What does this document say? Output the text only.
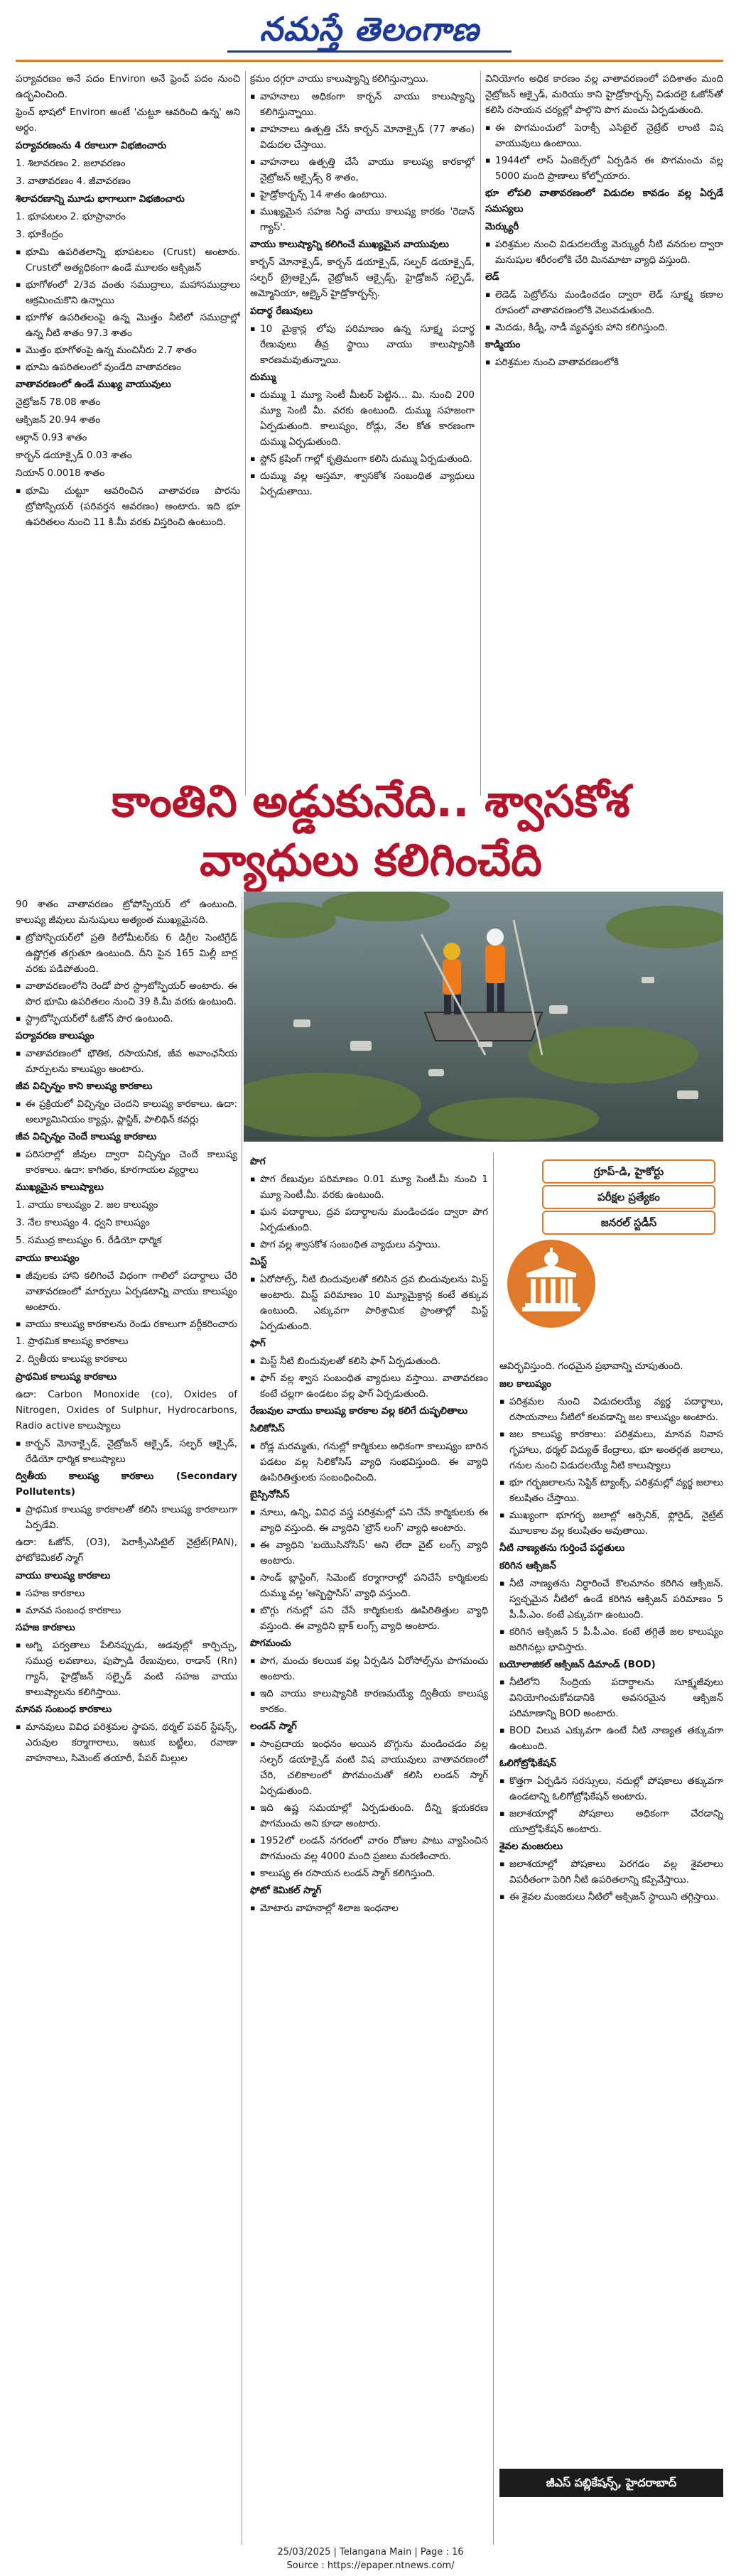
నమస్తే తెలంగాణ

పర్యావరణం అనే పదం Environ అనే ఫ్రెంచ్ పదం నుంచి ఉద్భవించింది.

ఫ్రెంచ్ భాషలో Environ అంటే 'చుట్టూ ఆవరించి ఉన్న' అని అర్థం.

పర్యావరణంను 4 రకాలుగా విభజించారు

1. శిలావరణం 2. జలావరణం

3. వాతావరణం 4. జీవావరణం

శిలావరణాన్ని మూడు భాగాలుగా విభజించారు

1. భూపటలం 2. భూప్రావారం

3. భూకేంద్రం

▪ భూమి ఉపరితలాన్ని భూపటలం (Crust) అంటారు. Crustలో అత్యధికంగా ఉండే మూలకం ఆక్సిజన్

▪ భూగోళంలో 2/3వ వంతు సముద్రాలు, మహాసముద్రాలు ఆక్రమించుకొని ఉన్నాయి

▪ భూగోళ ఉపరితలంపై ఉన్న మొత్తం నీటిలో సముద్రాల్లో ఉన్న నీటి శాతం 97.3 శాతం

▪ మొత్తం భూగోళంపై ఉన్న మంచినీరు 2.7 శాతం

▪ భూమి ఉపరితలంలో వుండేది వాతావరణం

వాతావరణంలో ఉండే ముఖ్య వాయువులు

నైట్రోజన్ 78.08 శాతం

ఆక్సిజన్ 20.94 శాతం

ఆర్గాన్ 0.93 శాతం

కార్బన్ డయాక్సైడ్ 0.03 శాతం

నియాన్ 0.0018 శాతం

▪ భూమి చుట్టూ ఆవరించిన వాతావరణ పొరను ట్రోపోస్ఫియర్ (పరివర్తన ఆవరణం) అంటారు. ఇది భూ ఉపరితలం నుంచి 11 కి.మీ వరకు విస్తరించి ఉంటుంది.

క్రమం దగ్గరా వాయు కాలుష్యాన్ని కలిగిస్తున్నాయి.

▪ వాహనాలు అధికంగా కార్బన్ వాయు కాలుష్యాన్ని కలిగిస్తున్నాయి.

▪ వాహనాలు ఉత్పత్తి చేసే కార్బన్ మోనాక్సైడ్ (77 శాతం) విడుదల చేస్తాయి.

▪ వాహనాలు ఉత్పత్తి చేసే వాయు కాలుష్య కారకాల్లో నైట్రోజన్ ఆక్సైడ్స్ 8 శాతం,

▪ హైడ్రోకార్బన్స్ 14 శాతం ఉంటాయి.

▪ ముఖ్యమైన సహజ సిద్ధ వాయు కాలుష్య కారకం 'రెడాన్ గ్యాస్'.

వాయు కాలుష్యాన్ని కలిగించే ముఖ్యమైన వాయువులు

కార్బన్ మోనాక్సైడ్, కార్బన్ డయాక్సైడ్, సల్ఫర్ డయాక్సైడ్, సల్ఫర్ ట్రైఆక్సైడ్, నైట్రోజన్ ఆక్సైడ్స్, హైడ్రోజన్ సల్ఫైడ్, అమ్మోనియా, ఆల్కైన్ హైడ్రోకార్బన్స్.

పదార్థ రేణువులు

▪ 10 మైక్రాన్ల లోపు పరిమాణం ఉన్న సూక్ష్మ పదార్థ రేణువులు తీవ్ర స్థాయి వాయు కాలుష్యానికి కారణమవుతున్నాయి.

దుమ్ము

▪ దుమ్ము 1 మ్యూ సెంటీ మీటర్ పెట్టిన... మి. నుంచి 200 మ్యూ సెంటీ మీ. వరకు ఉంటుంది. దుమ్ము సహజంగా ఏర్పడుతుంది. కాలుష్యం, రోడ్లు, నేల కోత కారణంగా దుమ్ము ఏర్పడుతుంది.

▪ స్టోన్ క్రషింగ్ గాల్లో కృత్రిమంగా కలిసి దుమ్ము ఏర్పడుతుంది.

▪ దుమ్ము వల్ల ఆస్తమా, శ్వాసకోశ సంబంధిత వ్యాధులు ఏర్పడుతాయి.

వినియోగం అధిక కారణం వల్ల వాతావరణంలో పదిశాతం మంది నైట్రోజన్ ఆక్సైడ్, మరియు కాని హైడ్రోకార్బన్స్ విడుదలై ఓజోన్‌తో కలిసి రసాయన చర్యల్లో పాల్గొని పొగ మంచు ఏర్పడుతుంది.

▪ ఈ పొగమంచులో పెరాక్సీ ఎసిటైల్ నైట్రేట్ లాంటి విష వాయువులు ఉంటాయి.

▪ 1944లో లాస్ ఏంజెల్స్‌లో ఏర్పడిన ఈ పొగమంచు వల్ల 5000 మంది ప్రాణాలు కోల్పోయారు.

భూ లోపలి వాతావరణంలో విడుదల కావడం వల్ల ఏర్పడే సమస్యలు

మెర్క్యురీ

▪ పరిశ్రమల నుంచి విడుదలయ్యే మెర్క్యురీ నీటి వనరుల ద్వారా మనుషుల శరీరంలోకి చేరి మినమాటా వ్యాధి వస్తుంది.

లెడ్

▪ లెడెడ్ పెట్రోల్‌ను మండించడం ద్వారా లెడ్ సూక్ష్మ కణాల రూపంలో వాతావరణంలోకి వెలువడుతుంది.

▪ మెదడు, కిడ్నీ, నాడీ వ్యవస్థకు హాని కలిగిస్తుంది.

కాడ్మియం

▪ పరిశ్రమల నుంచి వాతావరణంలోకి

కాంతిని అడ్డుకునేది.. శ్వాసకోశ
వ్యాధులు కలిగించేది

90 శాతం వాతావరణం ట్రోపోస్ఫియర్ లో ఉంటుంది. కాలుష్య జీవులు మనుషులు అత్యంత ముఖ్యమైనది.

▪ ట్రోపోస్ఫియర్‌లో ప్రతి కిలోమీటర్‌కు 6 డిగ్రీల సెంటిగ్రేడ్ ఉష్ణోగ్రత తగ్గుతూ ఉంటుంది. దీని పైన 165 మిల్లీ బార్ల వరకు పడిపోతుంది.

▪ వాతావరణంలోని రెండో పొర స్ట్రాటోస్ఫియర్ అంటారు. ఈ పొర భూమి ఉపరితలం నుంచి 39 కి.మీ వరకు ఉంటుంది.

▪ స్ట్రాటోస్ఫియర్‌లో ఓజోన్ పొర ఉంటుంది.

పర్యావరణ కాలుష్యం

▪ వాతావరణంలో భౌతిక, రసాయనిక, జీవ అవాంఛనీయ మార్పులను కాలుష్యం అంటారు.

జీవ విచ్ఛిన్నం కాని కాలుష్య కారకాలు

▪ ఈ ప్రక్రియలో విచ్ఛిన్నం చెందని కాలుష్య కారకాలు. ఉదా: అల్యూమినియం క్యాన్లు, ప్లాస్టిక్, పాలిథిన్ కవర్లు

జీవ విచ్ఛిన్నం చెందే కాలుష్య కారకాలు

▪ పరిసరాల్లో జీవుల ద్వారా విచ్ఛిన్నం చెందే కాలుష్య కారకాలు. ఉదా: కాగితం, కూరగాయల వ్యర్థాలు

ముఖ్యమైన కాలుష్యాలు

1. వాయు కాలుష్యం 2. జల కాలుష్యం

3. నేల కాలుష్యం 4. ధ్వని కాలుష్యం

5. సముద్ర కాలుష్యం 6. రేడియో ధార్మిక

వాయు కాలుష్యం

▪ జీవులకు హాని కలిగించే విధంగా గాలిలో పదార్థాలు చేరి వాతావరణంలో మార్పులు ఏర్పడటాన్ని వాయు కాలుష్యం అంటారు.

▪ వాయు కాలుష్య కారకాలను రెండు రకాలుగా వర్గీకరించారు

1. ప్రాథమిక కాలుష్య కారకాలు

2. ద్వితీయ కాలుష్య కారకాలు

ప్రాథమిక కాలుష్య కారకాలు

ఉదా: Carbon Monoxide (co), Oxides of Nitrogen, Oxides of Sulphur, Hydrocarbons, Radio active కాలుష్యాలు

▪ కార్బన్ మోనాక్సైడ్, నైట్రోజన్ ఆక్సైడ్, సల్ఫర్ ఆక్సైడ్, రేడియో ధార్మిక కాలుష్యాలు

ద్వితీయ కాలుష్య కారకాలు (Secondary Pollutents)

▪ ప్రాథమిక కాలుష్య కారకాలతో కలిసి కాలుష్య కారకాలుగా ఏర్పడేవి.

ఉదా: ఓజోన్, (O3), పెరాక్సీఎసిటైల్ నైట్రేట్(PAN), ఫోటోకెమికల్ స్మాగ్

వాయు కాలుష్య కారకాలు

▪ సహజ కారకాలు

▪ మానవ సంబంధ కారకాలు

సహజ కారకాలు

▪ అగ్ని పర్వతాలు పేలినప్పుడు, అడవుల్లో కార్చిచ్చు, సముద్ర లవణాలు, పుప్పొడి రేణువులు, రాడాన్ (Rn) గ్యాస్, హైడ్రోజన్ సల్ఫైడ్ వంటి సహజ వాయు కాలుష్యాలను కలిగిస్తాయి.

మానవ సంబంధ కారకాలు

▪ మానవులు వివిధ పరిశ్రమల స్థాపన, థర్మల్ పవర్ స్టేషన్స్, ఎరువుల కర్మాగారాలు, ఇటుక బట్టీలు, రవాణా వాహనాలు, సిమెంట్ తయారీ, పేపర్ మిల్లుల

పొగ

▪ పొగ రేణువుల పరిమాణం 0.01 మ్యూ సెంటీ.మీ నుంచి 1 మ్యూ సెంటీ.మీ. వరకు ఉంటుంది.

▪ ఘన పదార్థాలు, ద్రవ పదార్థాలను మండించడం ద్వారా పొగ ఏర్పడుతుంది.

▪ పొగ వల్ల శ్వాసకోశ సంబంధిత వ్యాధులు వస్తాయి.

మిస్ట్

▪ ఏరోసోల్స్, నీటి బిందువులతో కలిసిన ద్రవ బిందువులను మిస్ట్ అంటారు. మిస్ట్ పరిమాణం 10 మ్యూమైక్రాన్ల కంటే తక్కువ ఉంటుంది. ఎక్కువగా పారిశ్రామిక ప్రాంతాల్లో మిస్ట్ ఏర్పడుతుంది.

ఫాగ్

▪ మిస్ట్ నీటి బిందువులతో కలిసి ఫాగ్ ఏర్పడుతుంది.

▪ ఫాగ్ వల్ల శ్వాస సంబంధిత వ్యాధులు వస్తాయి. వాతావరణం కంటే చల్లగా ఉండటం వల్ల ఫాగ్ ఏర్పడుతుంది.

రేణువుల వాయు కాలుష్య కారకాల వల్ల కలిగే దుష్ఫలితాలు

సిలికోసిస్

▪ రోడ్ల మరమ్మతు, గనుల్లో కార్మికులు అధికంగా కాలుష్యం బారిన పడటం వల్ల సిలికోసిస్ వ్యాధి సంభవిస్తుంది. ఈ వ్యాధి ఊపిరితిత్తులకు సంబంధించింది.

బైస్సినోసిస్

▪ నూలు, ఉన్ని, వివిధ వస్త్ర పరిశ్రమల్లో పని చేసే కార్మికులకు ఈ వ్యాధి వస్తుంది. ఈ వ్యాధిని 'బ్రౌన్ లంగ్' వ్యాధి అంటారు.

▪ ఈ వ్యాధిని 'బయొసినోసిస్' అని లేదా వైట్ లంగ్స్ వ్యాధి అంటారు.

▪ సాండ్ బ్లాస్టింగ్, సిమెంట్ కర్మాగారాల్లో పనిచేసే కార్మికులకు దుమ్ము వల్ల 'ఆస్బెస్టాసిస్' వ్యాధి వస్తుంది.

▪ బొగ్గు గనుల్లో పని చేసే కార్మికులకు ఊపిరితిత్తుల వ్యాధి వస్తుంది. ఈ వ్యాధిని బ్లాక్ లంగ్స్ వ్యాధి అంటారు.

పొగమంచు

▪ పొగ, మంచు కలయిక వల్ల ఏర్పడిన ఏరోసోల్స్‌ను పొగమంచు అంటారు.

▪ ఇది వాయు కాలుష్యానికి కారణమయ్యే ద్వితీయ కాలుష్య కారకం.

లండన్ స్మాగ్

▪ సాంప్రదాయ ఇంధనం అయిన బొగ్గును మండించడం వల్ల సల్ఫర్ డయాక్సైడ్ వంటి విష వాయువులు వాతావరణంలో చేరి, చలికాలంలో పొగమంచుతో కలిసి లండన్ స్మాగ్ ఏర్పడుతుంది.

▪ ఇది ఉష్ణ సమయాల్లో ఏర్పడుతుంది. దీన్ని క్షయకరణ పొగమంచు అని కూడా అంటారు.

▪ 1952లో లండన్ నగరంలో వారం రోజుల పాటు వ్యాపించిన పొగమంచు వల్ల 4000 మంది ప్రజలు మరణించారు.

▪ కాలుష్య ఈ రసాయన లండన్ స్మాగ్ కలిగిస్తుంది.

ఫోటో కెమికల్ స్మాగ్

▪ మోటారు వాహనాల్లో శిలాజ ఇంధనాల

గ్రూప్-డి, హైకోర్టు
పరీక్షల ప్రత్యేకం
జనరల్ స్టడీస్

ఆవిర్భవిస్తుంది. గంధమైన ప్రభావాన్ని చూపుతుంది.

జల కాలుష్యం

▪ పరిశ్రమల నుంచి విడుదలయ్యే వ్యర్థ పదార్థాలు, రసాయనాలు నీటిలో కలవడాన్ని జల కాలుష్యం అంటారు.

▪ జల కాలుష్య కారకాలు: పరిశ్రమలు, మానవ నివాస గృహాలు, థర్మల్ విద్యుత్ కేంద్రాలు, భూ అంతర్గత జలాలు, గనుల నుంచి విడుదలయ్యే నీటి కాలుష్యాలు

▪ భూ గర్భజలాలను సెప్టిక్ ట్యాంక్స్, పరిశ్రమల్లో వ్యర్థ జలాలు కలుషితం చేస్తాయి.

▪ ముఖ్యంగా భూగర్భ జలాల్లో ఆర్సెనిక్, ఫ్లోరైడ్, నైట్రేట్ మూలకాల వల్ల కలుషితం అవుతాయి.

నీటి నాణ్యతను గుర్తించే పద్ధతులు

కరిగిన ఆక్సిజన్

▪ నీటి నాణ్యతను నిర్ధారించే కొలమానం కరిగిన ఆక్సిజన్. స్వచ్ఛమైన నీటిలో ఉండే కరిగిన ఆక్సిజన్ పరిమాణం 5 పీ.పీ.ఎం. కంటే ఎక్కువగా ఉంటుంది.

▪ కరిగిన ఆక్సిజన్ 5 పీ.పీ.ఎం. కంటే తగ్గితే జల కాలుష్యం జరిగినట్లు భావిస్తారు.

బయోలాజికల్ ఆక్సిజన్ డిమాండ్ (BOD)

▪ నీటిలోని సేంద్రియ పదార్థాలను సూక్ష్మజీవులు వినియోగించుకోవడానికి అవసరమైన ఆక్సిజన్ పరిమాణాన్ని BOD అంటారు.

▪ BOD విలువ ఎక్కువగా ఉంటే నీటి నాణ్యత తక్కువగా ఉంటుంది.

ఓలిగోట్రోఫికేషన్

▪ కొత్తగా ఏర్పడిన సరస్సులు, నదుల్లో పోషకాలు తక్కువగా ఉండటాన్ని ఓలిగోట్రోఫికేషన్ అంటారు.

▪ జలాశయాల్లో పోషకాలు అధికంగా చేరడాన్ని యూట్రోఫికేషన్ అంటారు.

శైవల మంజరులు

▪ జలాశయాల్లో పోషకాలు పెరగడం వల్ల శైవలాలు విపరీతంగా పెరిగి నీటి ఉపరితలాన్ని కప్పివేస్తాయి.

▪ ఈ శైవల మంజరులు నీటిలో ఆక్సిజన్ స్థాయిని తగ్గిస్తాయి.

జీఎస్ పబ్లికేషన్స్, హైదరాబాద్
25/03/2025 | Telangana Main | Page : 16
Source : https://epaper.ntnews.com/
